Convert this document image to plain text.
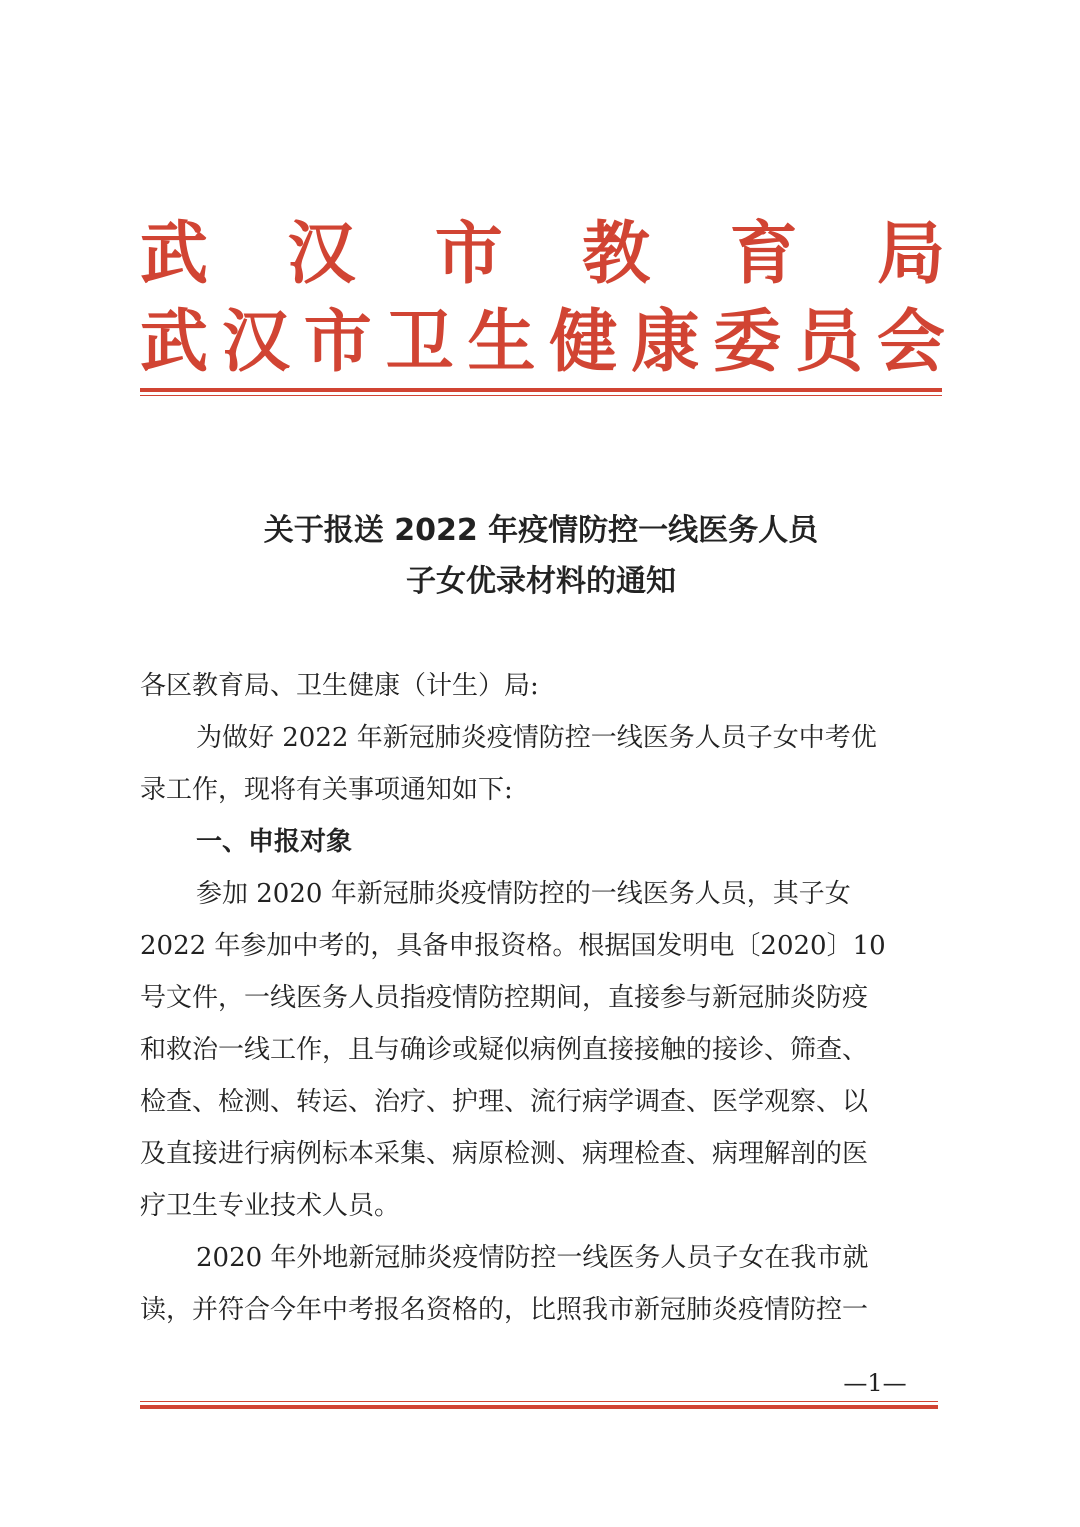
武 汉 市 教 育 局
武 汉 市 卫 生 健 康 委 员 会
关于报送 2022 年疫情防控一线医务人员
子女优录材料的通知
各区教育局、卫生健康（计生）局:
为做好 2022 年新冠肺炎疫情防控一线医务人员子女中考优
录工作，现将有关事项通知如下:
一、申报对象
参加 2020 年新冠肺炎疫情防控的一线医务人员，其子女
2022 年参加中考的，具备申报资格。根据国发明电〔2020〕10
号文件，一线医务人员指疫情防控期间，直接参与新冠肺炎防疫
和救治一线工作，且与确诊或疑似病例直接接触的接诊、筛查、
检查、检测、转运、治疗、护理、流行病学调查、医学观察、以
及直接进行病例标本采集、病原检测、病理检查、病理解剖的医
疗卫生专业技术人员。
2020 年外地新冠肺炎疫情防控一线医务人员子女在我市就
读，并符合今年中考报名资格的，比照我市新冠肺炎疫情防控一
—1—
